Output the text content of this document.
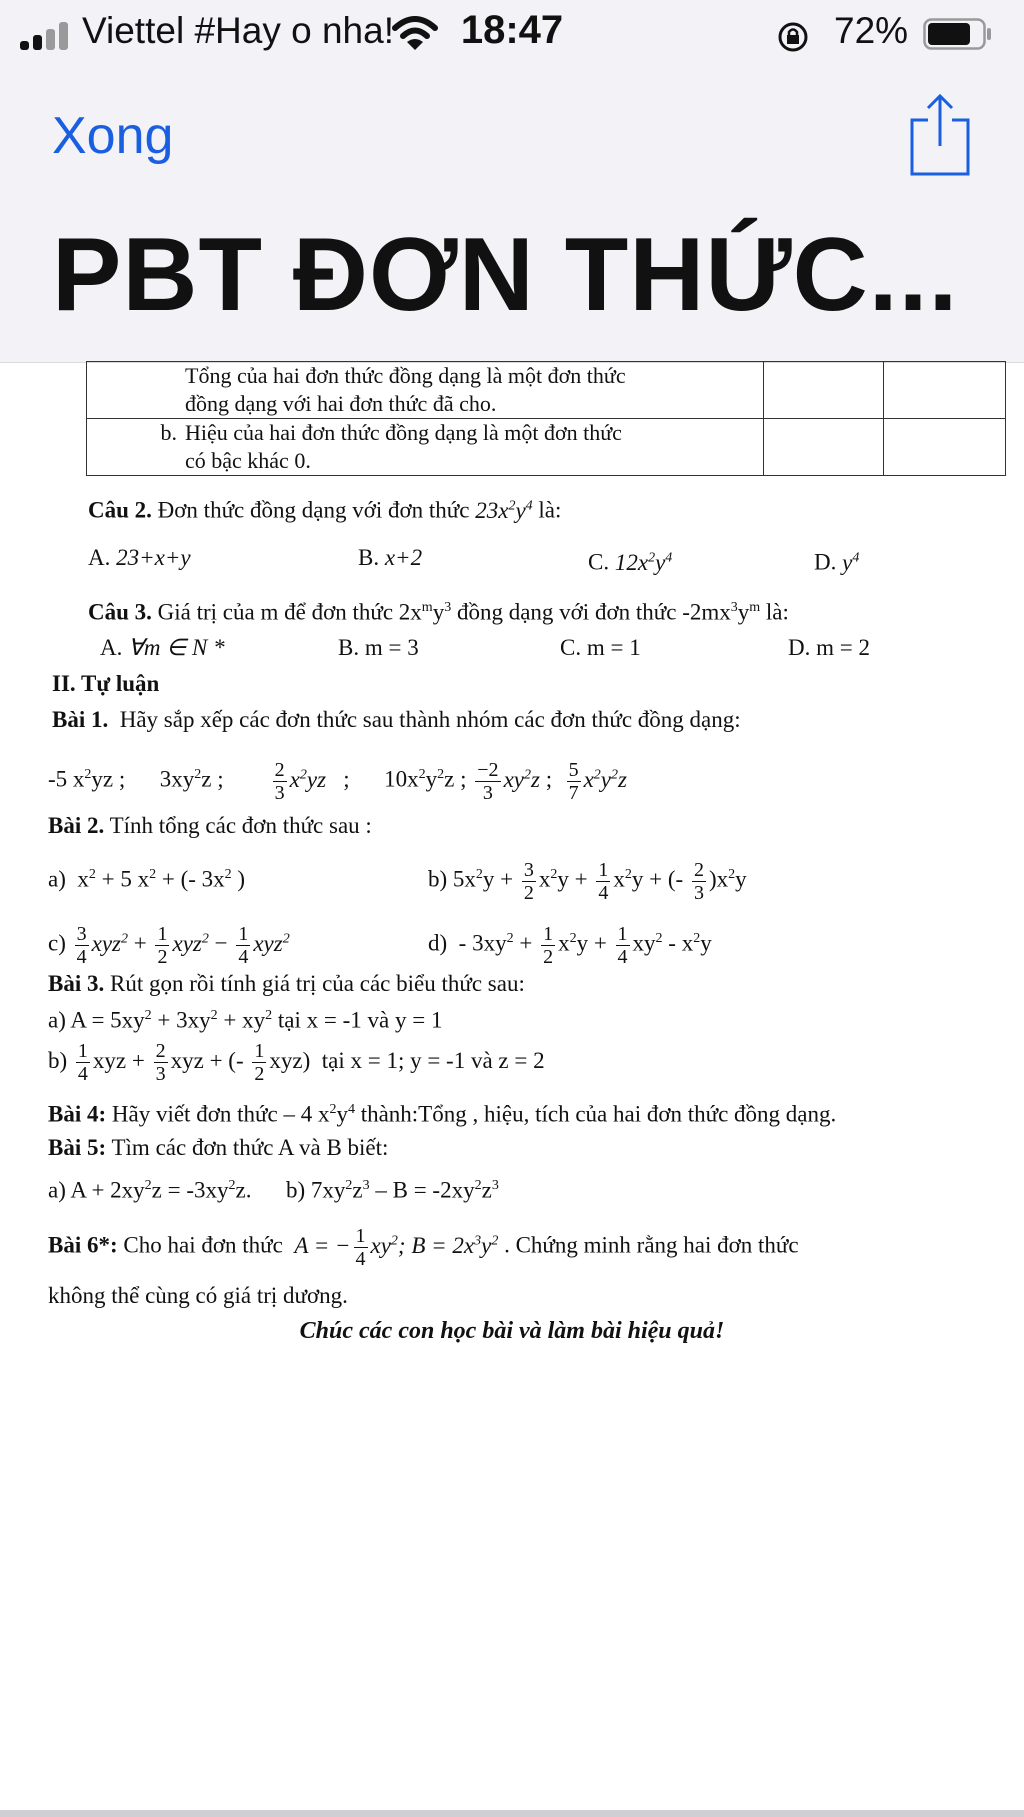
Viettel #Hay o nha!	18:47	72%
Xong
PBT ĐƠN THỨC...
Tổng của hai đơn thức đồng dạng là một đơn thức
đồng dạng với hai đơn thức đã cho.		

b. Hiệu của hai đơn thức đồng dạng là một đơn thức
có bậc khác 0.		

Câu 2. Đơn thức đồng dạng với đơn thức $23x^2y^4$ là:
A. 23+x+y	B. x+2	C. $12x^2y^4$	D. $y^4$
Câu 3. Giá trị của m để đơn thức $2x^my^3$ đồng dạng với đơn thức $-2mx^3y^m$ là:
A. ∀m ∈ N *	B. m = 3	C. m = 1	D. m = 2
II. Tự luận
Bài 1. Hãy sắp xếp các đơn thức sau thành nhóm các đơn thức đồng dạng:
-5 $x^2yz$ ;      $3xy^2z$ ; $\frac{2}{3} x^2yz$   ;      $10x^2y^2z$ ; $\frac{-2}{3} xy^2z$ ; $\frac{5}{7} x^2y^2z$
Bài 2. Tính tổng các đơn thức sau :
a)  $x^2 + 5$ $x^2$ + (- $3x^2$ )	b) $5x^2y + \frac{3}{2} x^2y + \frac{1}{4} x^2y$ + (- $\frac{2}{3} )x^2y$
$c) \frac{3}{4} xyz^2 + \frac{1}{2} xyz^2 - \frac{1}{4} xyz^2$	$d) - 3xy^2 + \frac{1}{2} x^2y + \frac{1}{4} xy^2 - x^2y$
Bài 3. Rút gọn rồi tính giá trị của các biểu thức sau:
a) $A = 5xy^2 + 3xy^2 + xy^2$ tại x = -1 và y = 1
$b) \frac{1}{4}$ xyz + $\frac{2}{3}$ xyz + (- $\frac{1}{2} xyz$)  tại x = 1; y = -1 và z = 2
Bài 4: Hãy viết đơn thức – 4 $x^2y^4$ thành:Tổng , hiệu, tích của hai đơn thức đồng dạng.
Bài 5: Tìm các đơn thức A và B biết:
a) $A + 2xy^2z = -3xy^2z$.      b) $7xy^2z^3 - B = -2xy^2z^3$
Bài 6*: Cho hai đơn thức A = − $\frac{1}{4} xy^2$; $B = 2x^3y^2$ . Chứng minh rằng hai đơn thức
không thể cùng có giá trị dương.
Chúc các con học bài và làm bài hiệu quả!
